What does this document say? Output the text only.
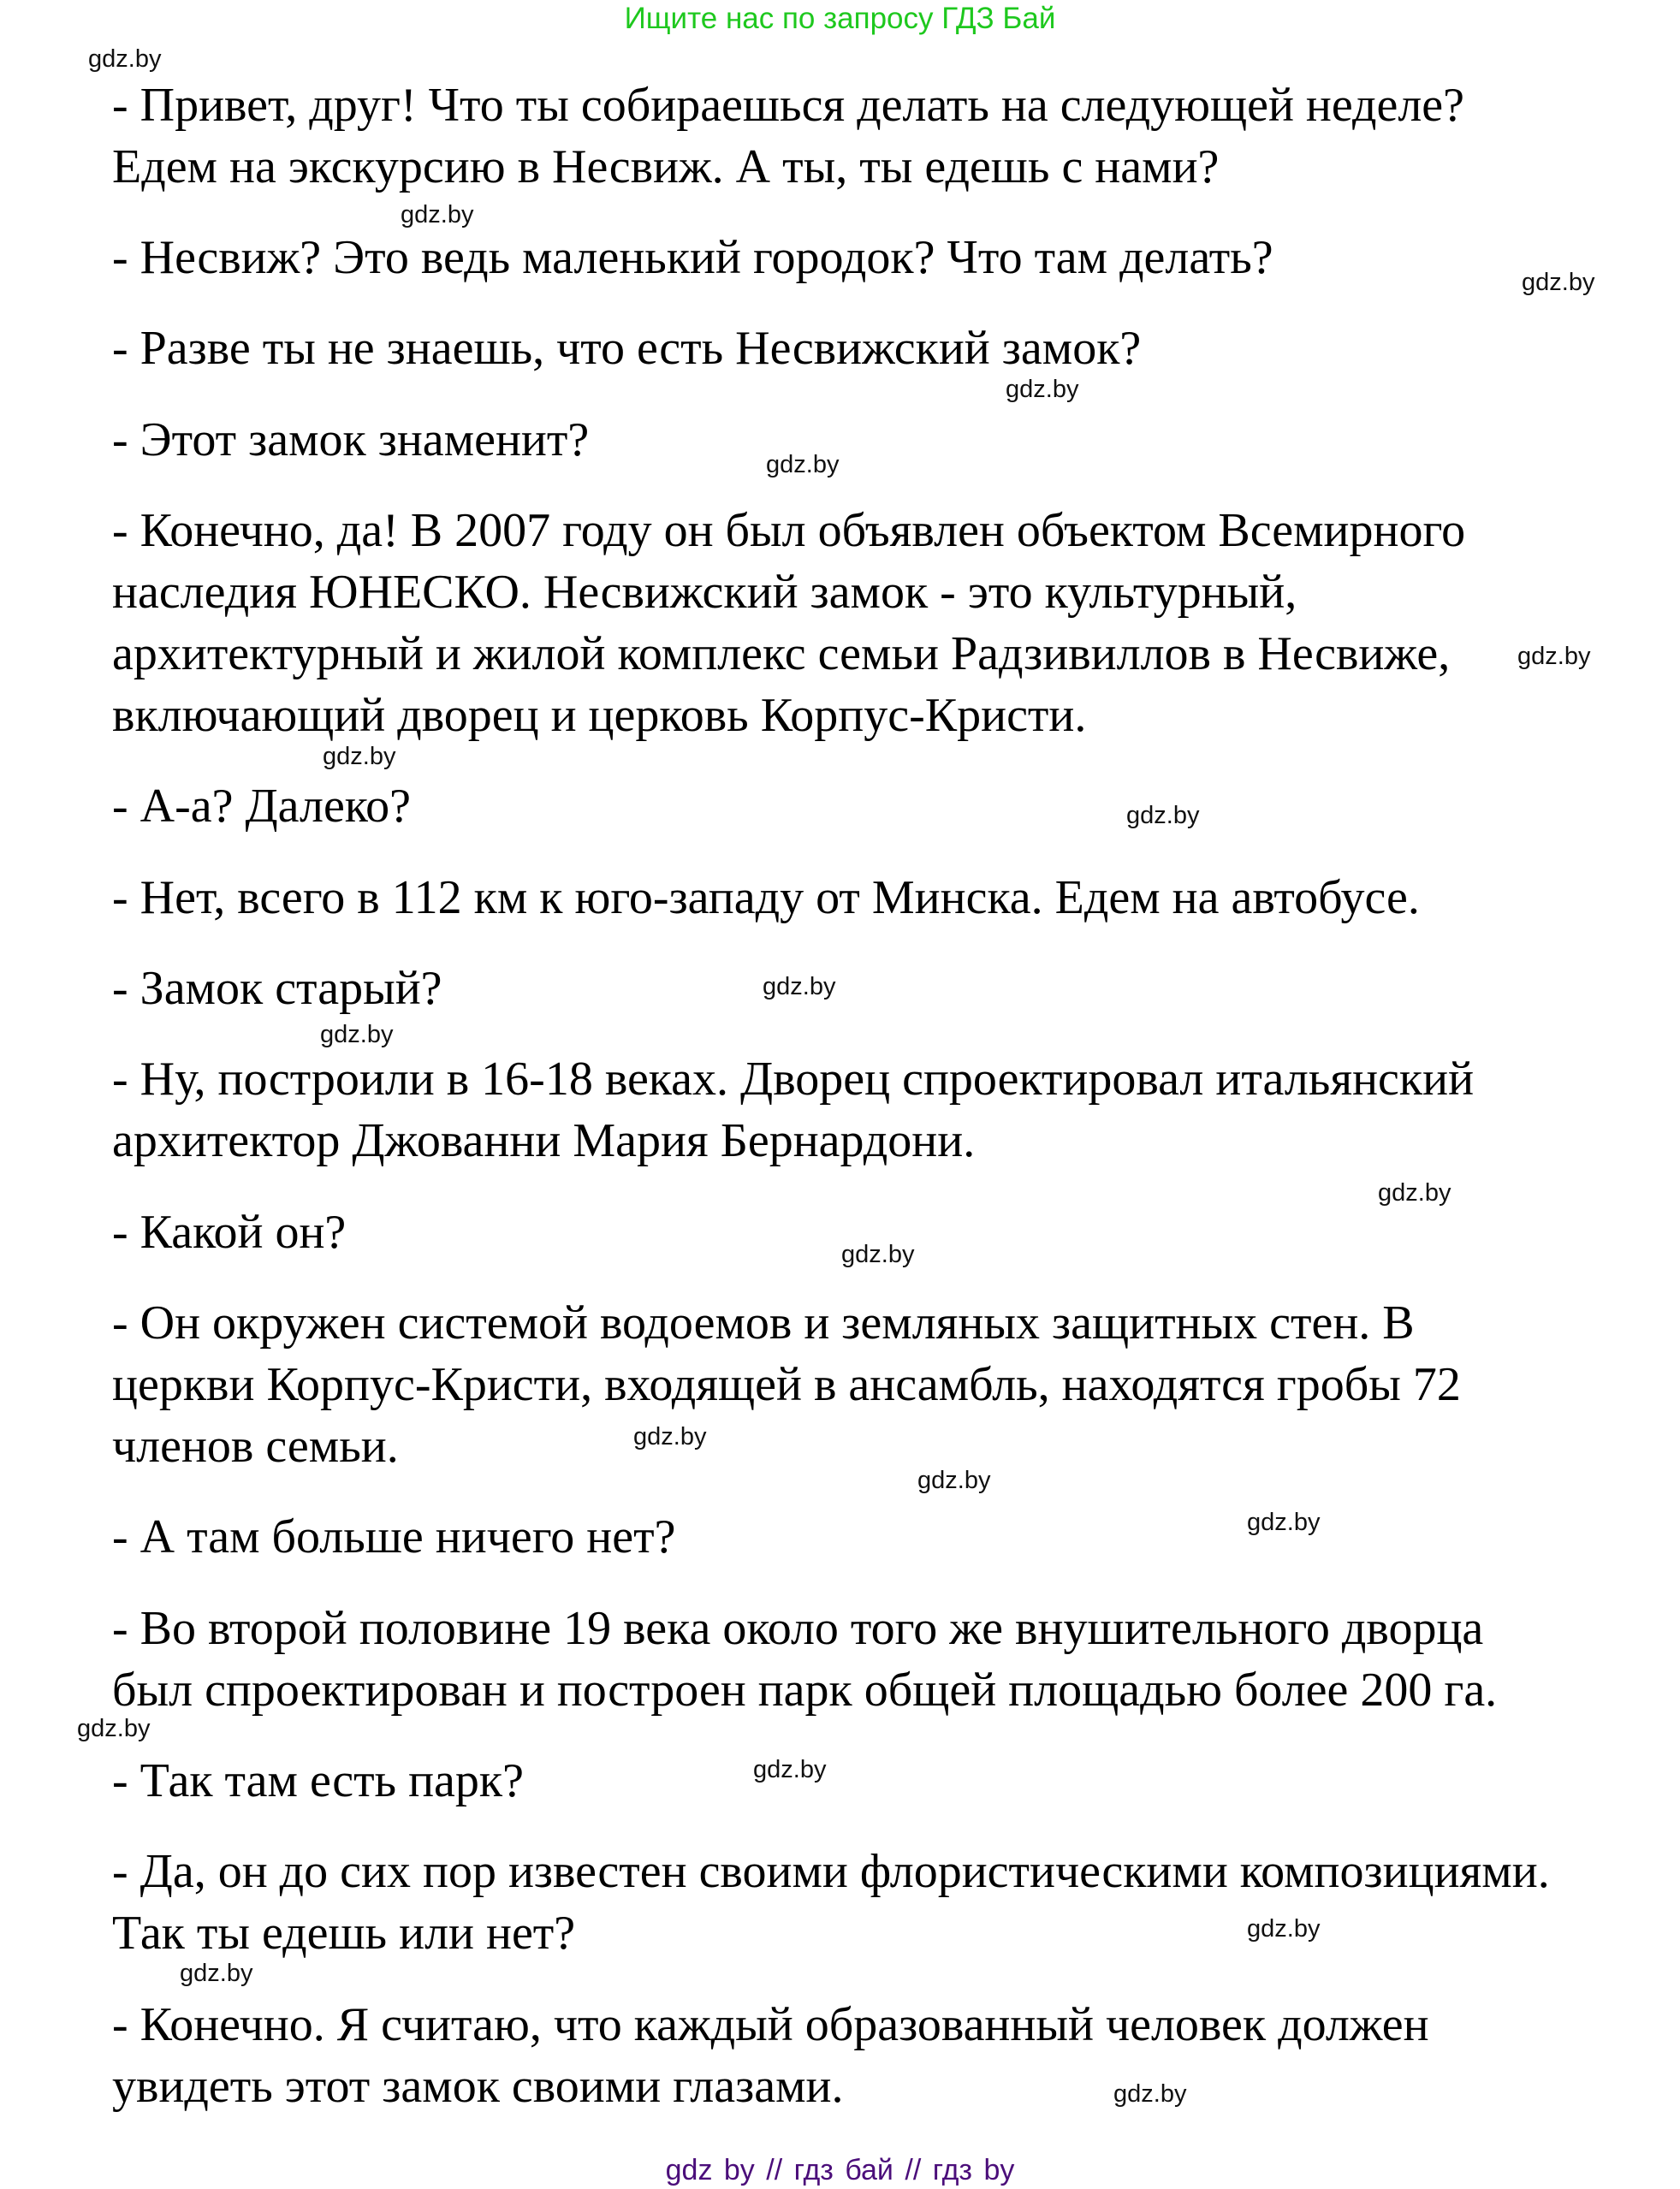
Ищите нас по запросу ГДЗ Бай
- Привет, друг! Что ты собираешься делать на следующей неделе?
Едем на экскурсию в Несвиж. А ты, ты едешь с нами?
- Несвиж? Это ведь маленький городок? Что там делать?
- Разве ты не знаешь, что есть Несвижский замок?
- Этот замок знаменит?
- Конечно, да! В 2007 году он был объявлен объектом Всемирного
наследия ЮНЕСКО. Несвижский замок - это культурный,
архитектурный и жилой комплекс семьи Радзивиллов в Несвиже,
включающий дворец и церковь Корпус-Кристи.
- А-а? Далеко?
- Нет, всего в 112 км к юго-западу от Минска. Едем на автобусе.
- Замок старый?
- Ну, построили в 16-18 веках. Дворец спроектировал итальянский
архитектор Джованни Мария Бернардони.
- Какой он?
- Он окружен системой водоемов и земляных защитных стен. В
церкви Корпус-Кристи, входящей в ансамбль, находятся гробы 72
членов семьи.
- А там больше ничего нет?
- Во второй половине 19 века около того же внушительного дворца
был спроектирован и построен парк общей площадью более 200 га.
- Так там есть парк?
- Да, он до сих пор известен своими флористическими композициями.
Так ты едешь или нет?
- Конечно. Я считаю, что каждый образованный человек должен
увидеть этот замок своими глазами.
gdz.by
gdz.by
gdz.by
gdz.by
gdz.by
gdz.by
gdz.by
gdz.by
gdz.by
gdz.by
gdz.by
gdz.by
gdz.by
gdz.by
gdz.by
gdz.by
gdz.by
gdz.by
gdz.by
gdz.by
gdz by // гдз бай // гдз by
